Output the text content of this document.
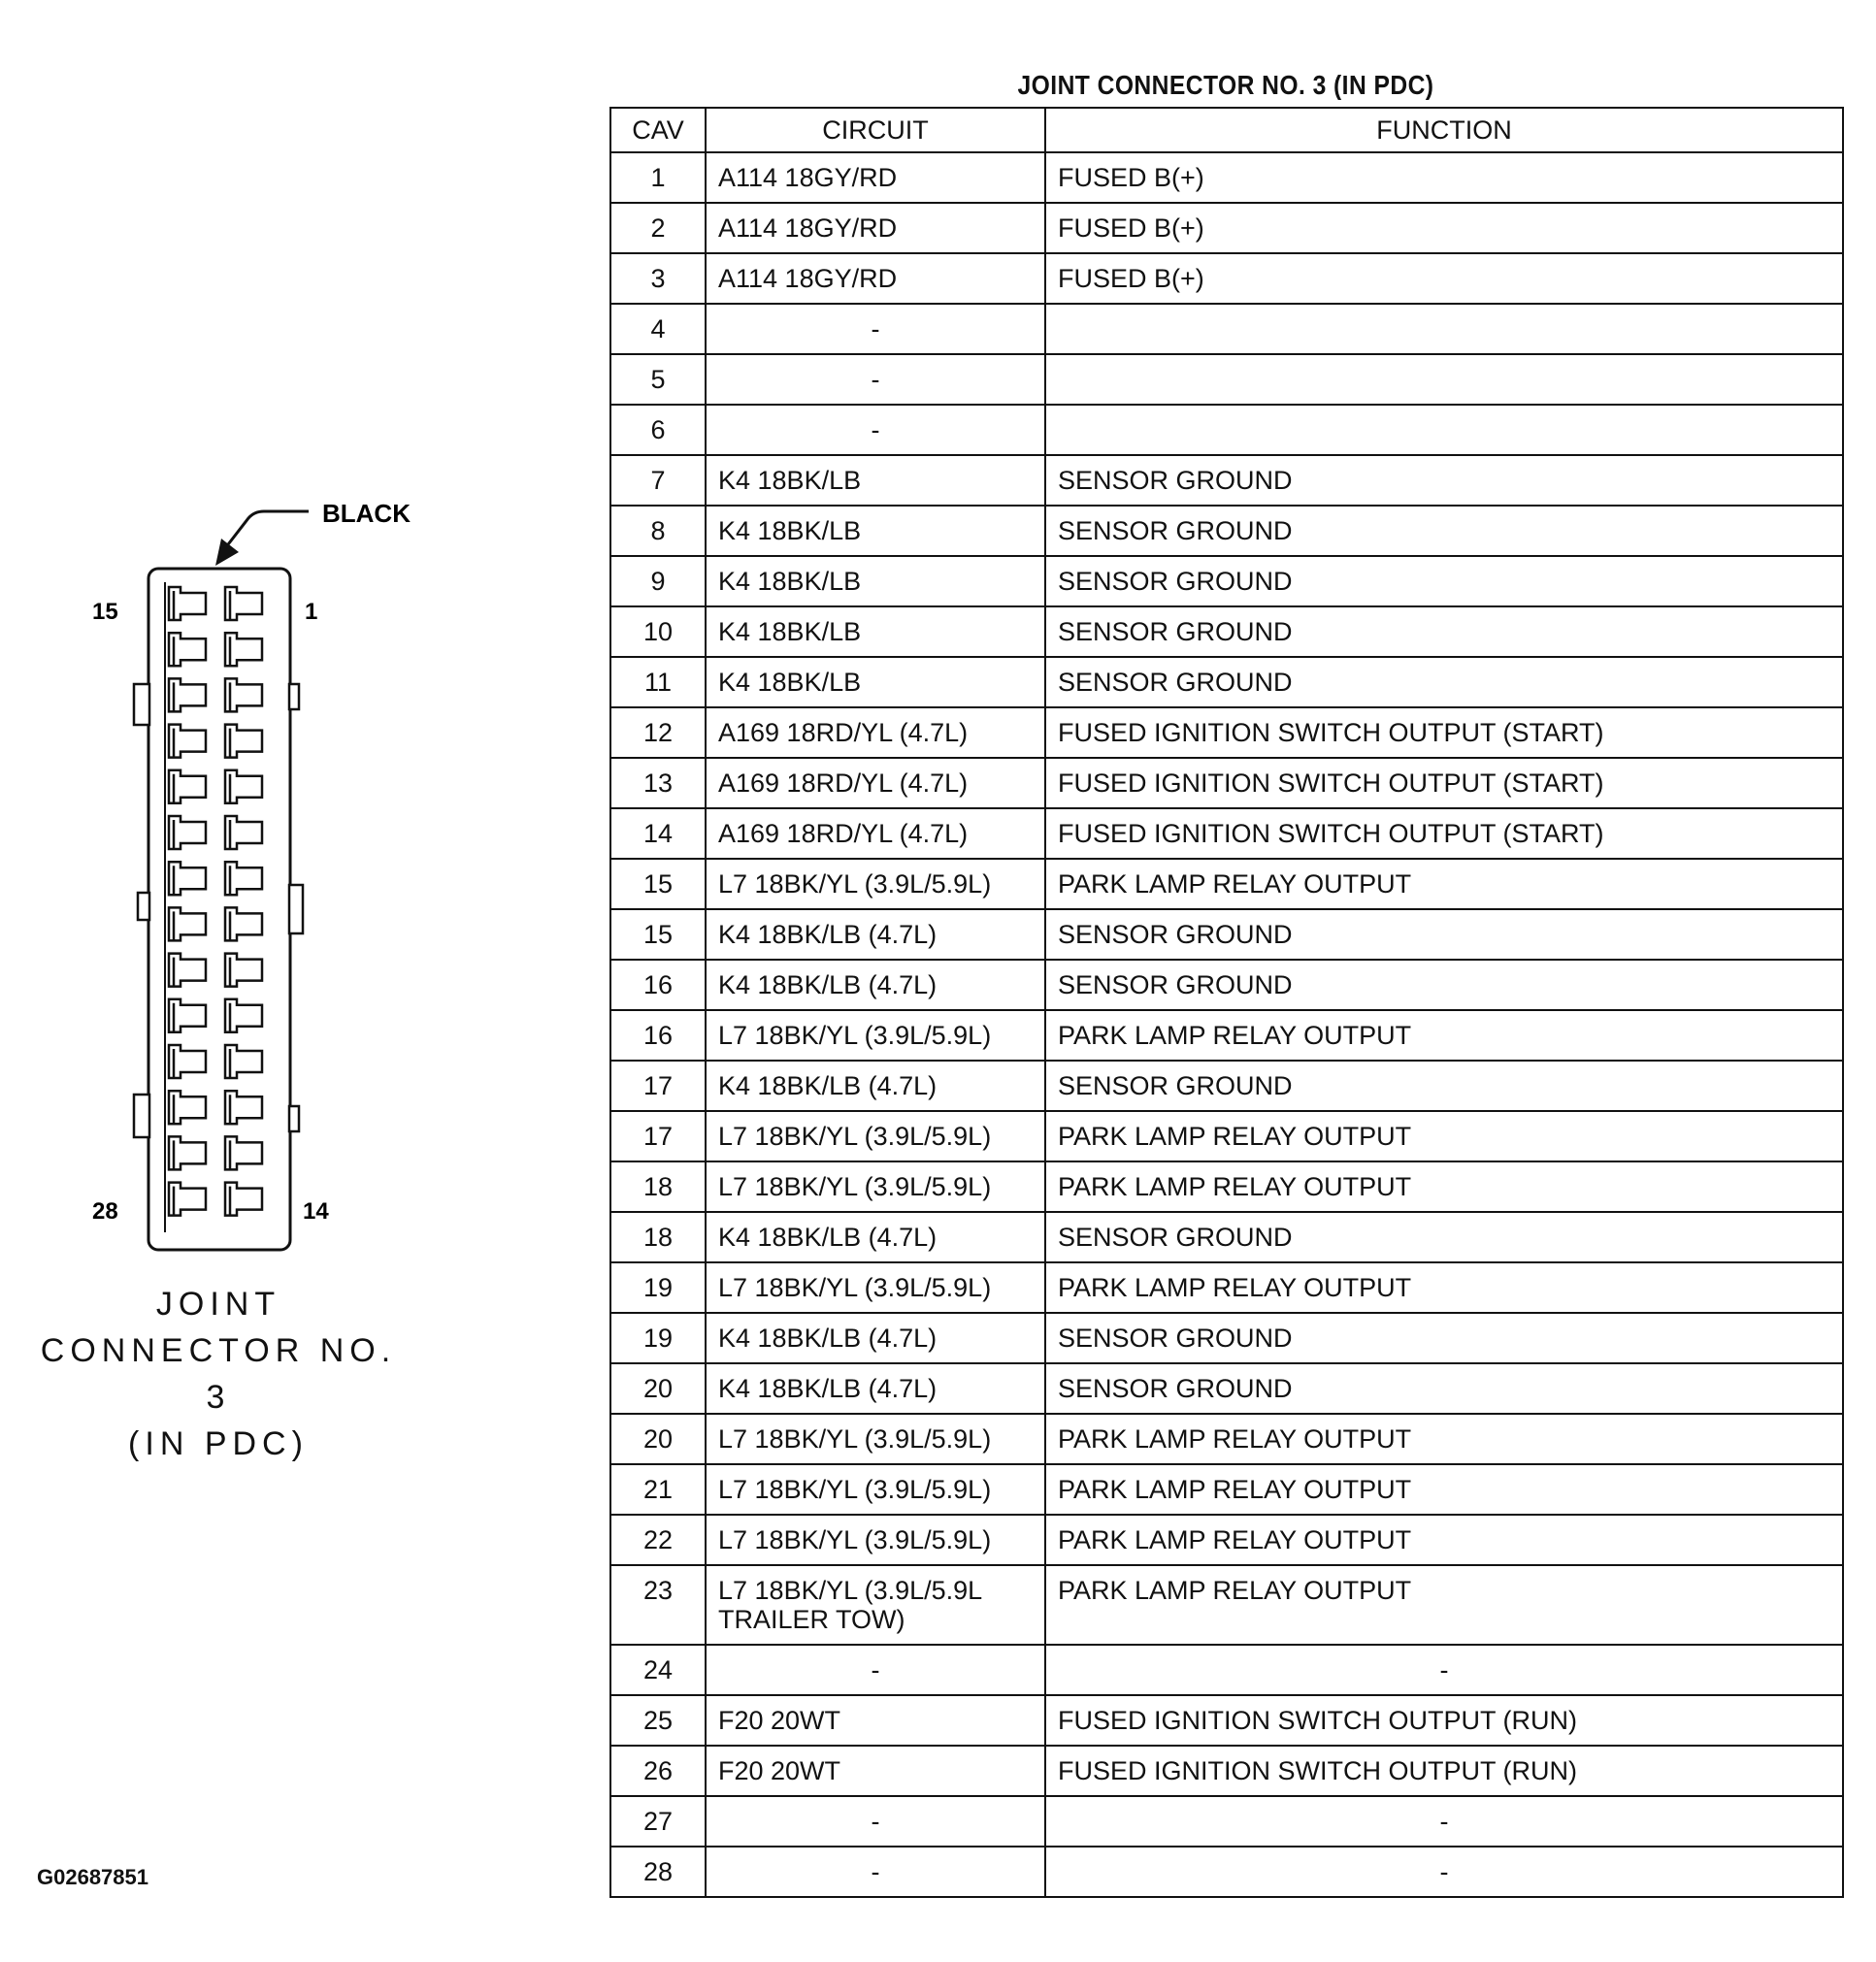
JOINT CONNECTOR NO. 3 (IN PDC)
CAV	CIRCUIT	FUNCTION
1	A114 18GY/RD	FUSED B(+)
2	A114 18GY/RD	FUSED B(+)
3	A114 18GY/RD	FUSED B(+)
4	-	
5	-	
6	-	
7	K4 18BK/LB	SENSOR GROUND
8	K4 18BK/LB	SENSOR GROUND
9	K4 18BK/LB	SENSOR GROUND
10	K4 18BK/LB	SENSOR GROUND
11	K4 18BK/LB	SENSOR GROUND
12	A169 18RD/YL (4.7L)	FUSED IGNITION SWITCH OUTPUT (START)
13	A169 18RD/YL (4.7L)	FUSED IGNITION SWITCH OUTPUT (START)
14	A169 18RD/YL (4.7L)	FUSED IGNITION SWITCH OUTPUT (START)
15	L7 18BK/YL (3.9L/5.9L)	PARK LAMP RELAY OUTPUT
15	K4 18BK/LB (4.7L)	SENSOR GROUND
16	K4 18BK/LB (4.7L)	SENSOR GROUND
16	L7 18BK/YL (3.9L/5.9L)	PARK LAMP RELAY OUTPUT
17	K4 18BK/LB (4.7L)	SENSOR GROUND
17	L7 18BK/YL (3.9L/5.9L)	PARK LAMP RELAY OUTPUT
18	L7 18BK/YL (3.9L/5.9L)	PARK LAMP RELAY OUTPUT
18	K4 18BK/LB (4.7L)	SENSOR GROUND
19	L7 18BK/YL (3.9L/5.9L)	PARK LAMP RELAY OUTPUT
19	K4 18BK/LB (4.7L)	SENSOR GROUND
20	K4 18BK/LB (4.7L)	SENSOR GROUND
20	L7 18BK/YL (3.9L/5.9L)	PARK LAMP RELAY OUTPUT
21	L7 18BK/YL (3.9L/5.9L)	PARK LAMP RELAY OUTPUT
22	L7 18BK/YL (3.9L/5.9L)	PARK LAMP RELAY OUTPUT
23	L7 18BK/YL (3.9L/5.9L
TRAILER TOW)	PARK LAMP RELAY OUTPUT
24	-	-
25	F20 20WT	FUSED IGNITION SWITCH OUTPUT (RUN)
26	F20 20WT	FUSED IGNITION SWITCH OUTPUT (RUN)
27	-	-
28	-	-
BLACK
15	1
28	14
JOINT
CONNECTOR NO. 3
(IN PDC)
G02687851
